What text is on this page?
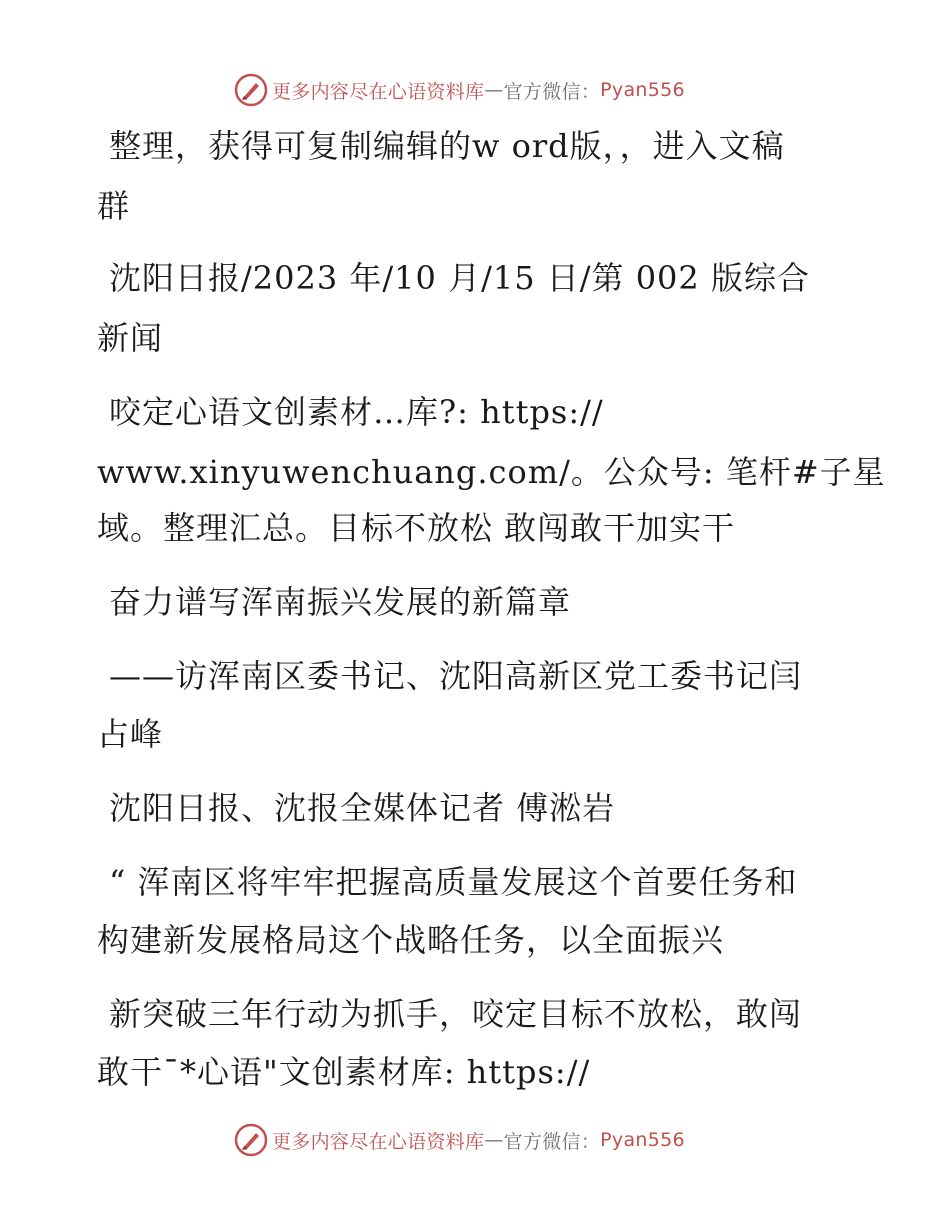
更多内容尽在心语资料库 — 官方微信： Pyan556
整理，获得可复制编辑的w ord版，，进入文稿
群
沈阳日报/2023 年/10 月/15 日/第 002 版综合
新闻
咬定心语文创素材…库?: https://
www.xinyuwenchuang.com/。公众号: 笔杆#子星
域。整理汇总。目标不放松 敢闯敢干加实干
奋力谱写浑南振兴发展的新篇章
——访浑南区委书记、沈阳高新区党工委书记闫
占峰
沈阳日报、沈报全媒体记者 傅淞岩
“ 浑南区将牢牢把握高质量发展这个首要任务和
构建新发展格局这个战略任务，以全面振兴
新突破三年行动为抓手，咬定目标不放松，敢闯
敢干¯*心语"文创素材库: https://
更多内容尽在心语资料库 — 官方微信： Pyan556
